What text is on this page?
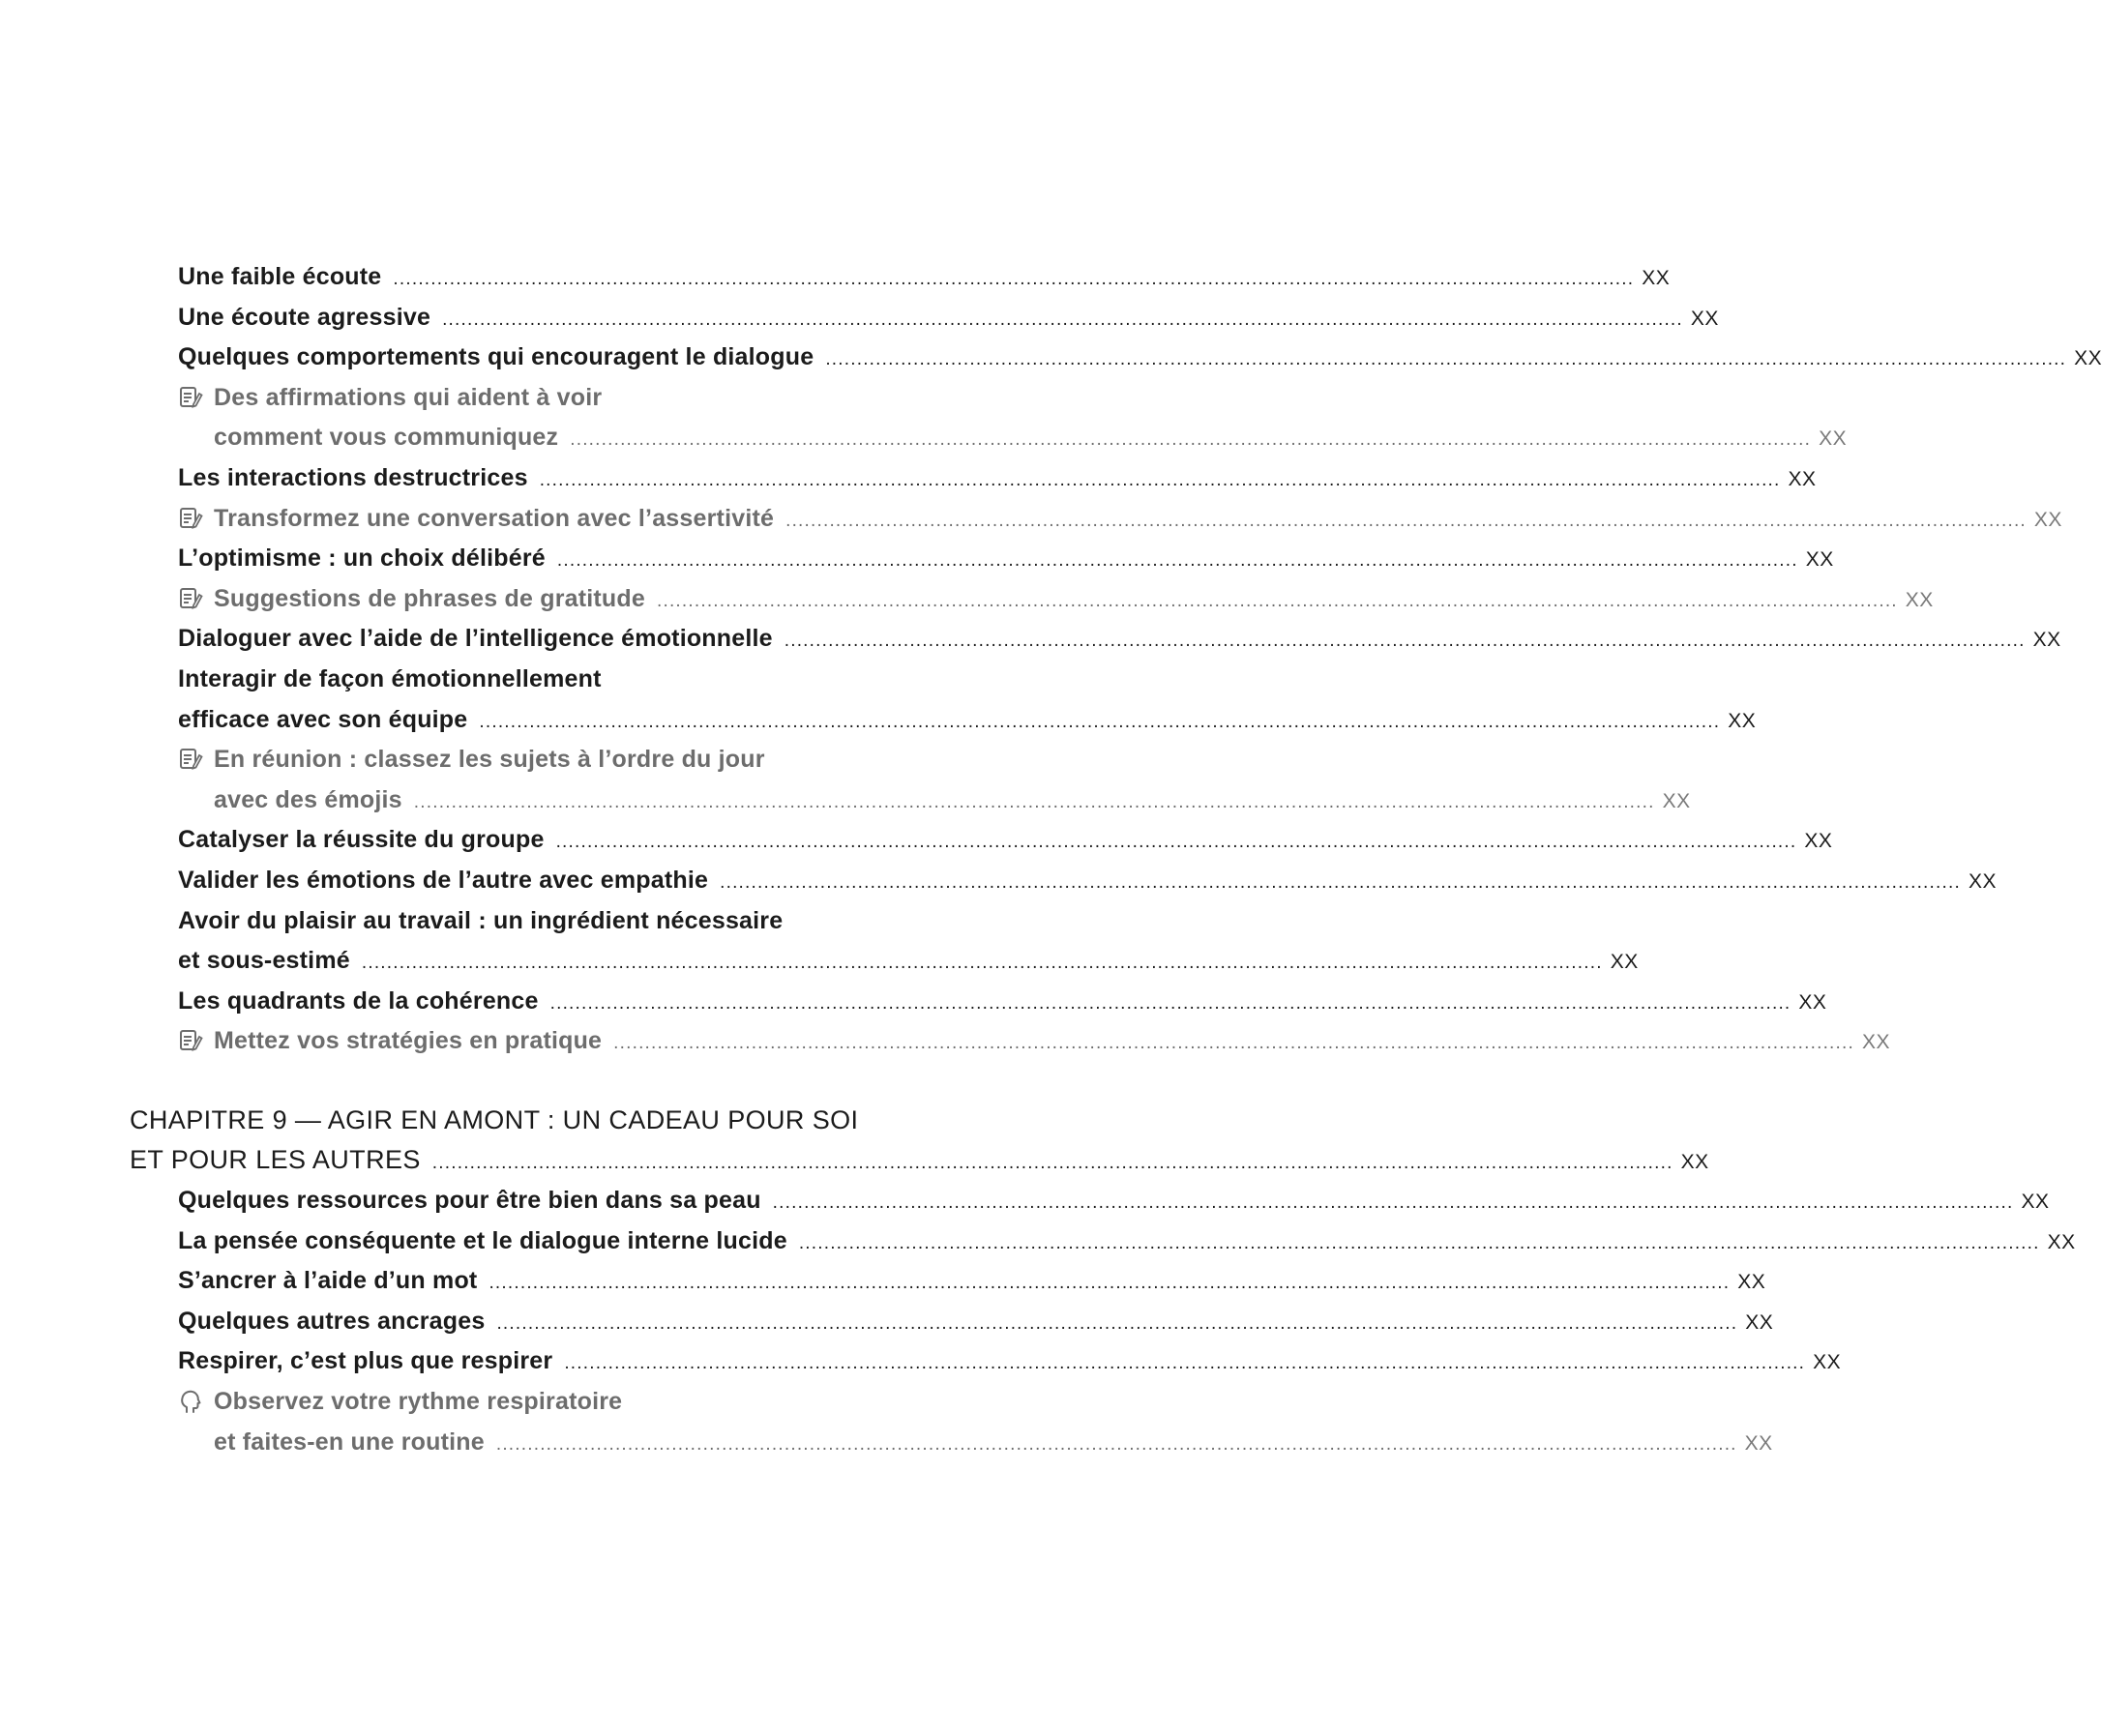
Une faible écoute ...................................................................................................................................................................................................... XX
Une écoute agressive ...................................................................................................................................................................................................... XX
Quelques comportements qui encouragent le dialogue ...................................................................................................................................................................................................... XX
Des affirmations qui aident à voir
comment vous communiquez ...................................................................................................................................................................................................... XX
Les interactions destructrices ...................................................................................................................................................................................................... XX
Transformez une conversation avec l’assertivité ...................................................................................................................................................................................................... XX
L’optimisme : un choix délibéré ...................................................................................................................................................................................................... XX
Suggestions de phrases de gratitude ...................................................................................................................................................................................................... XX
Dialoguer avec l’aide de l’intelligence émotionnelle ...................................................................................................................................................................................................... XX
Interagir de façon émotionnellement
efficace avec son équipe ...................................................................................................................................................................................................... XX
En réunion : classez les sujets à l’ordre du jour
avec des émojis ...................................................................................................................................................................................................... XX
Catalyser la réussite du groupe ...................................................................................................................................................................................................... XX
Valider les émotions de l’autre avec empathie ...................................................................................................................................................................................................... XX
Avoir du plaisir au travail : un ingrédient nécessaire
et sous-estimé ...................................................................................................................................................................................................... XX
Les quadrants de la cohérence ...................................................................................................................................................................................................... XX
Mettez vos stratégies en pratique ...................................................................................................................................................................................................... XX
CHAPITRE 9 — AGIR EN AMONT : UN CADEAU POUR SOI
ET POUR LES AUTRES ...................................................................................................................................................................................................... XX
Quelques ressources pour être bien dans sa peau ...................................................................................................................................................................................................... XX
La pensée conséquente et le dialogue interne lucide ...................................................................................................................................................................................................... XX
S’ancrer à l’aide d’un mot ...................................................................................................................................................................................................... XX
Quelques autres ancrages ...................................................................................................................................................................................................... XX
Respirer, c’est plus que respirer ...................................................................................................................................................................................................... XX
Observez votre rythme respiratoire
et faites-en une routine ...................................................................................................................................................................................................... XX
